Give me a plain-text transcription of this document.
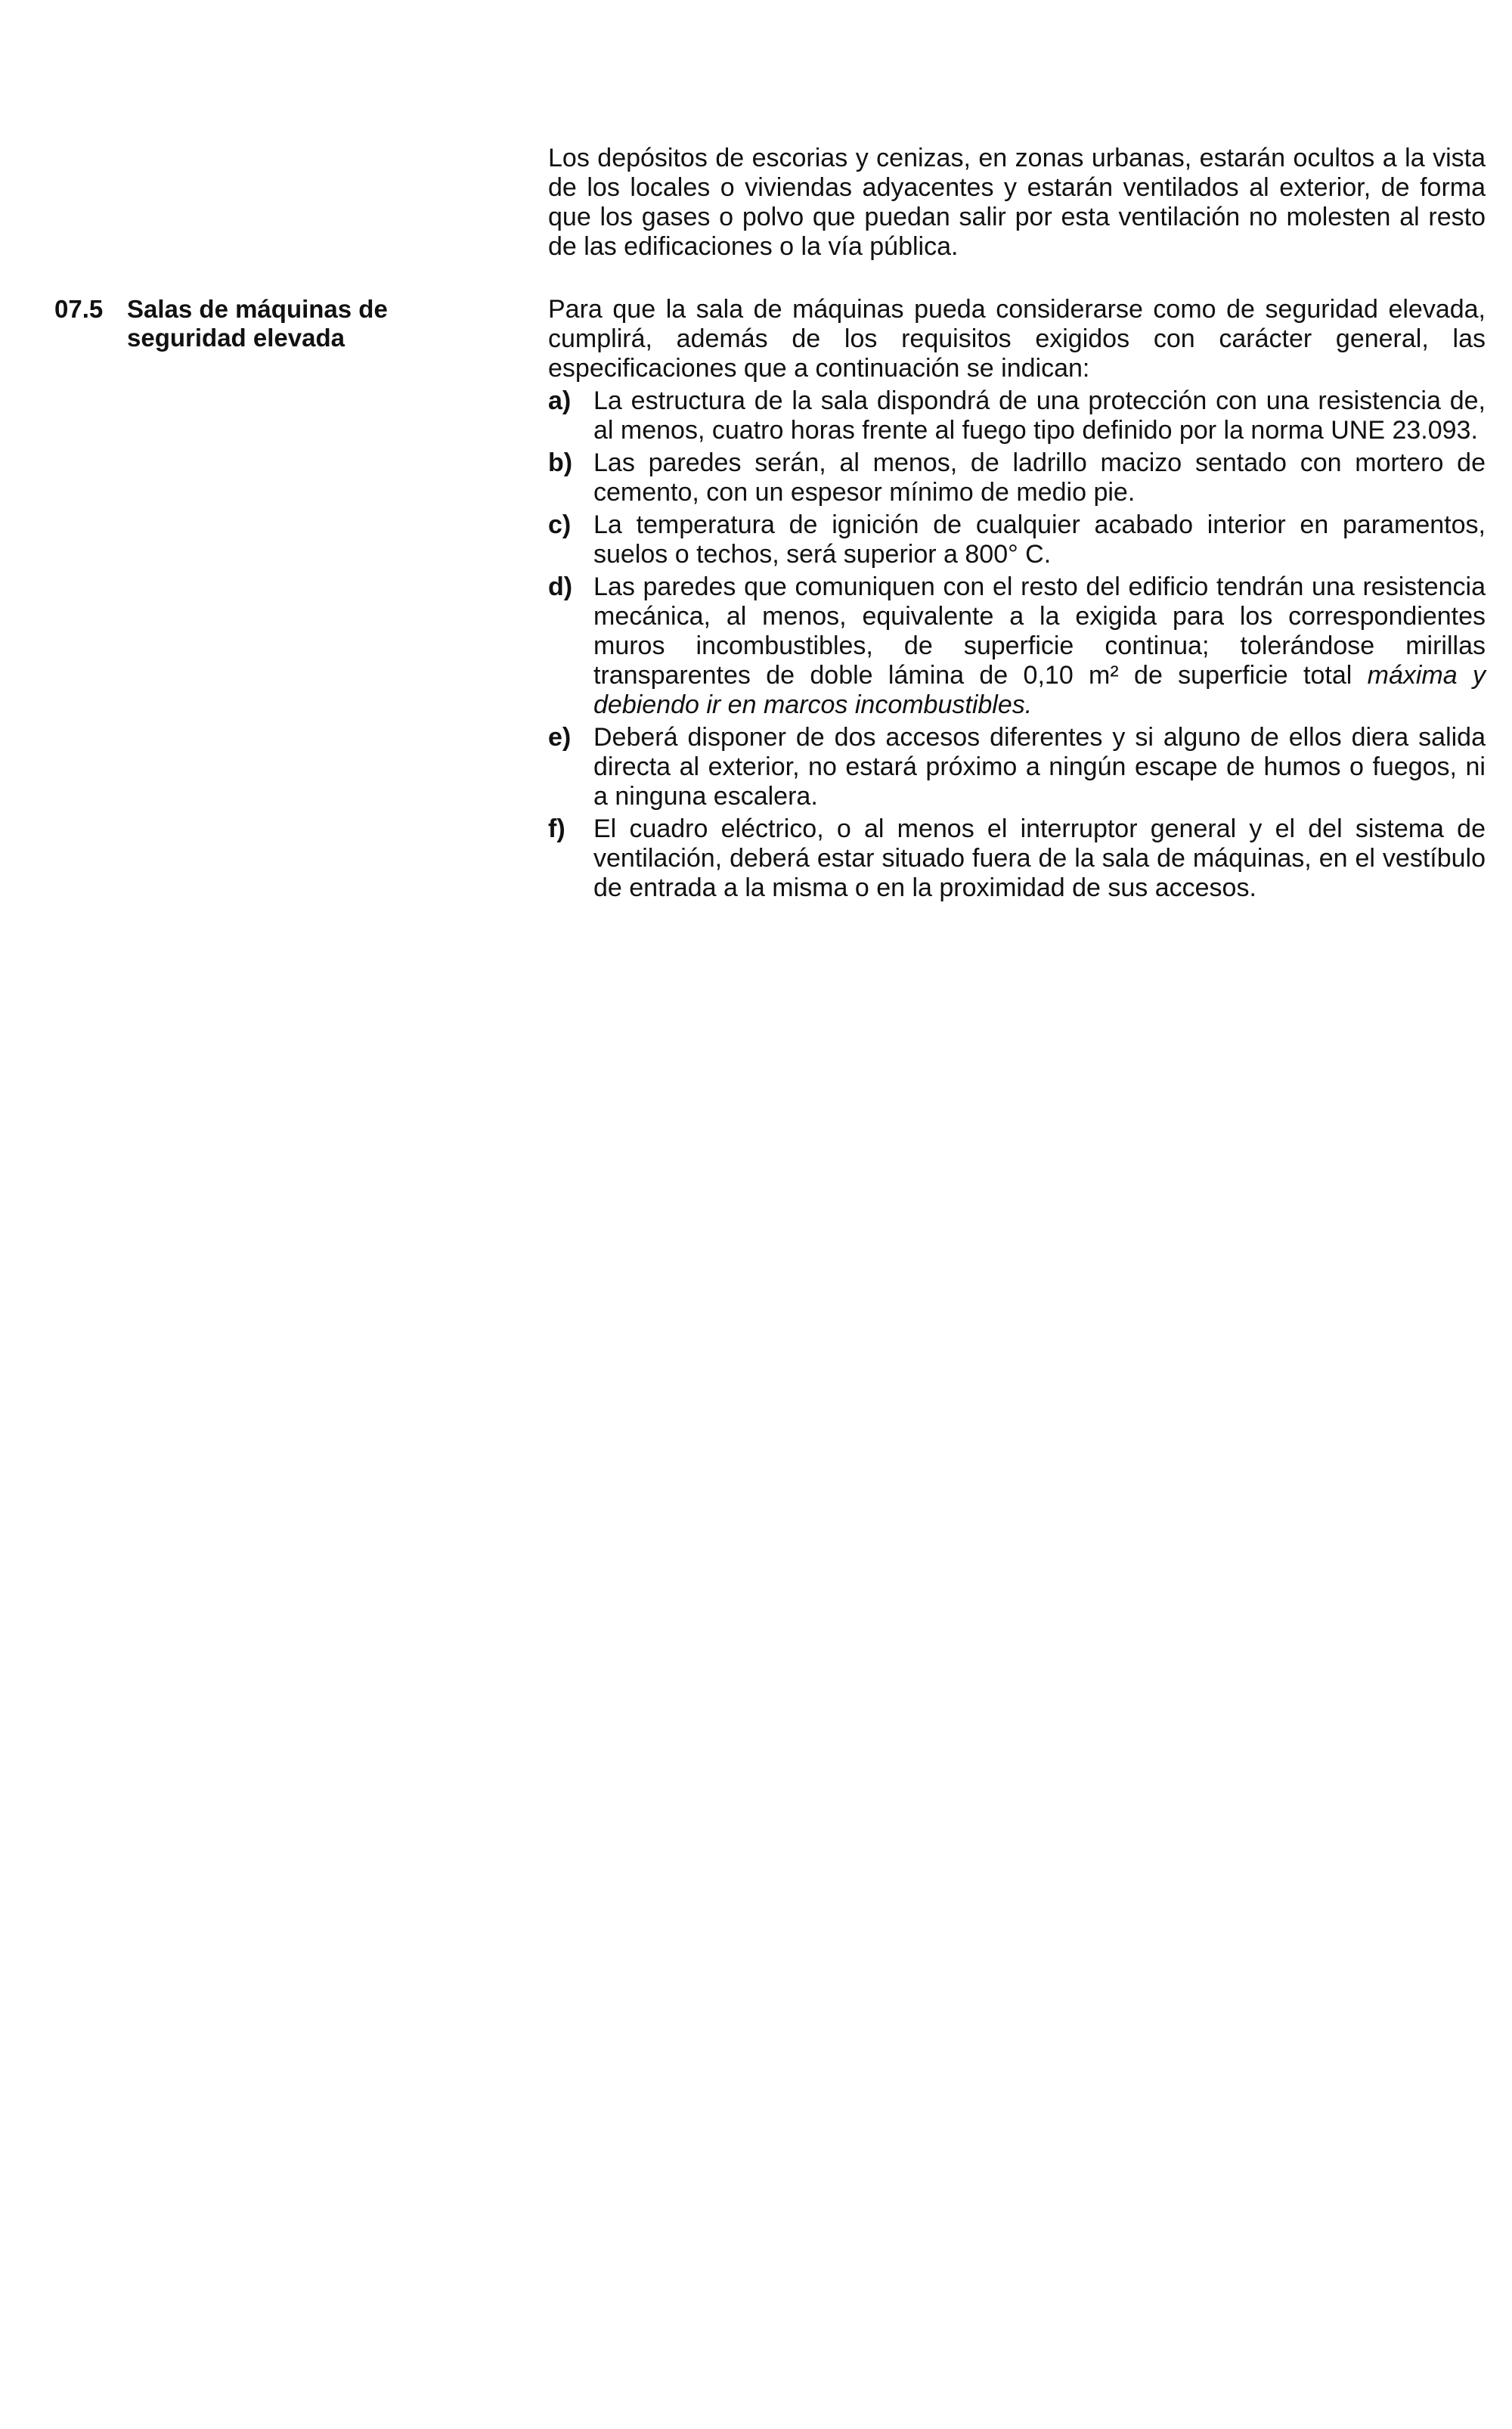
Los depósitos de escorias y cenizas, en zonas urbanas, estarán ocultos a la vista de los locales o viviendas adyacentes y estarán ventilados al exterior, de forma que los gases o polvo que puedan salir por esta ventilación no molesten al resto de las edificaciones o la vía pública.

07.5 Salas de máquinas de seguridad elevada

Para que la sala de máquinas pueda considerarse como de seguridad elevada, cumplirá, además de los requisitos exigidos con carácter general, las especificaciones que a continuación se indican:

a) La estructura de la sala dispondrá de una protección con una resistencia de, al menos, cuatro horas frente al fuego tipo definido por la norma UNE 23.093.
b) Las paredes serán, al menos, de ladrillo macizo sentado con mortero de cemento, con un espesor mínimo de medio pie.
c) La temperatura de ignición de cualquier acabado interior en paramentos, suelos o techos, será superior a 800° C.
d) Las paredes que comuniquen con el resto del edificio tendrán una resistencia mecánica, al menos, equivalente a la exigida para los correspondientes muros incombustibles, de superficie continua; tolerándose mirillas transparentes de doble lámina de 0,10 m² de superficie total máxima y debiendo ir en marcos incombustibles.
e) Deberá disponer de dos accesos diferentes y si alguno de ellos diera salida directa al exterior, no estará próximo a ningún escape de humos o fuegos, ni a ninguna escalera.
f)	El cuadro eléctrico, o al menos el interruptor general y el del sistema de ventilación, deberá estar situado fuera de la sala de máquinas, en el vestíbulo de entrada a la misma o en la proximidad de sus accesos.
